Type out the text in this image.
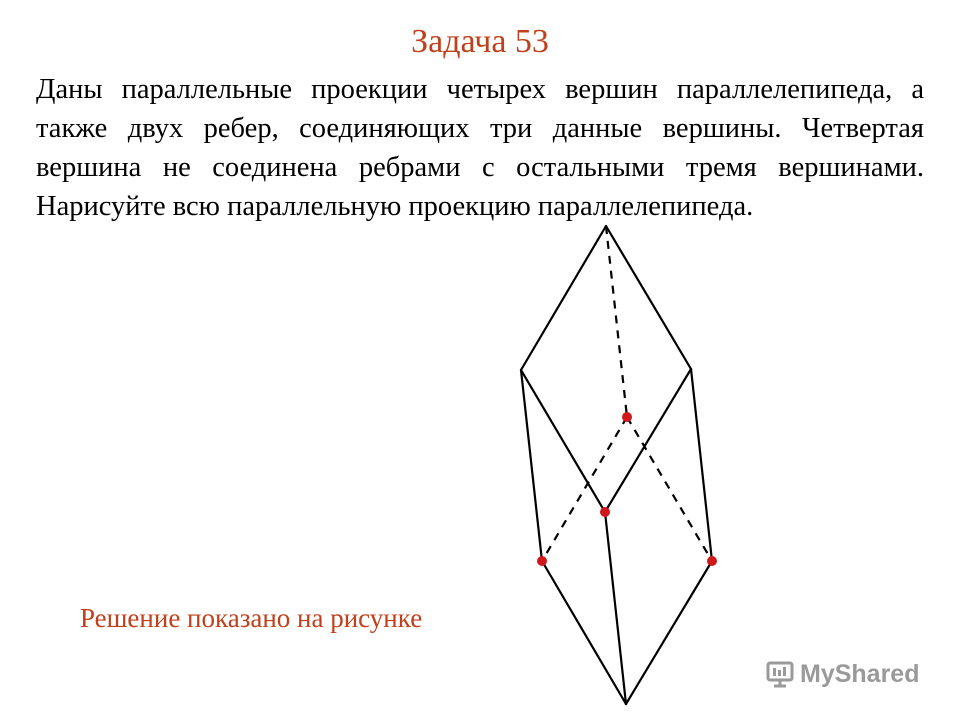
Задача 53

Даны параллельные проекции четырех вершин параллелепипеда, а также двух ребер, соединяющих три данные вершины. Четвертая вершина не соединена ребрами с остальными тремя вершинами. Нарисуйте всю параллельную проекцию параллелепипеда.

Решение показано на рисунке
MyShared
